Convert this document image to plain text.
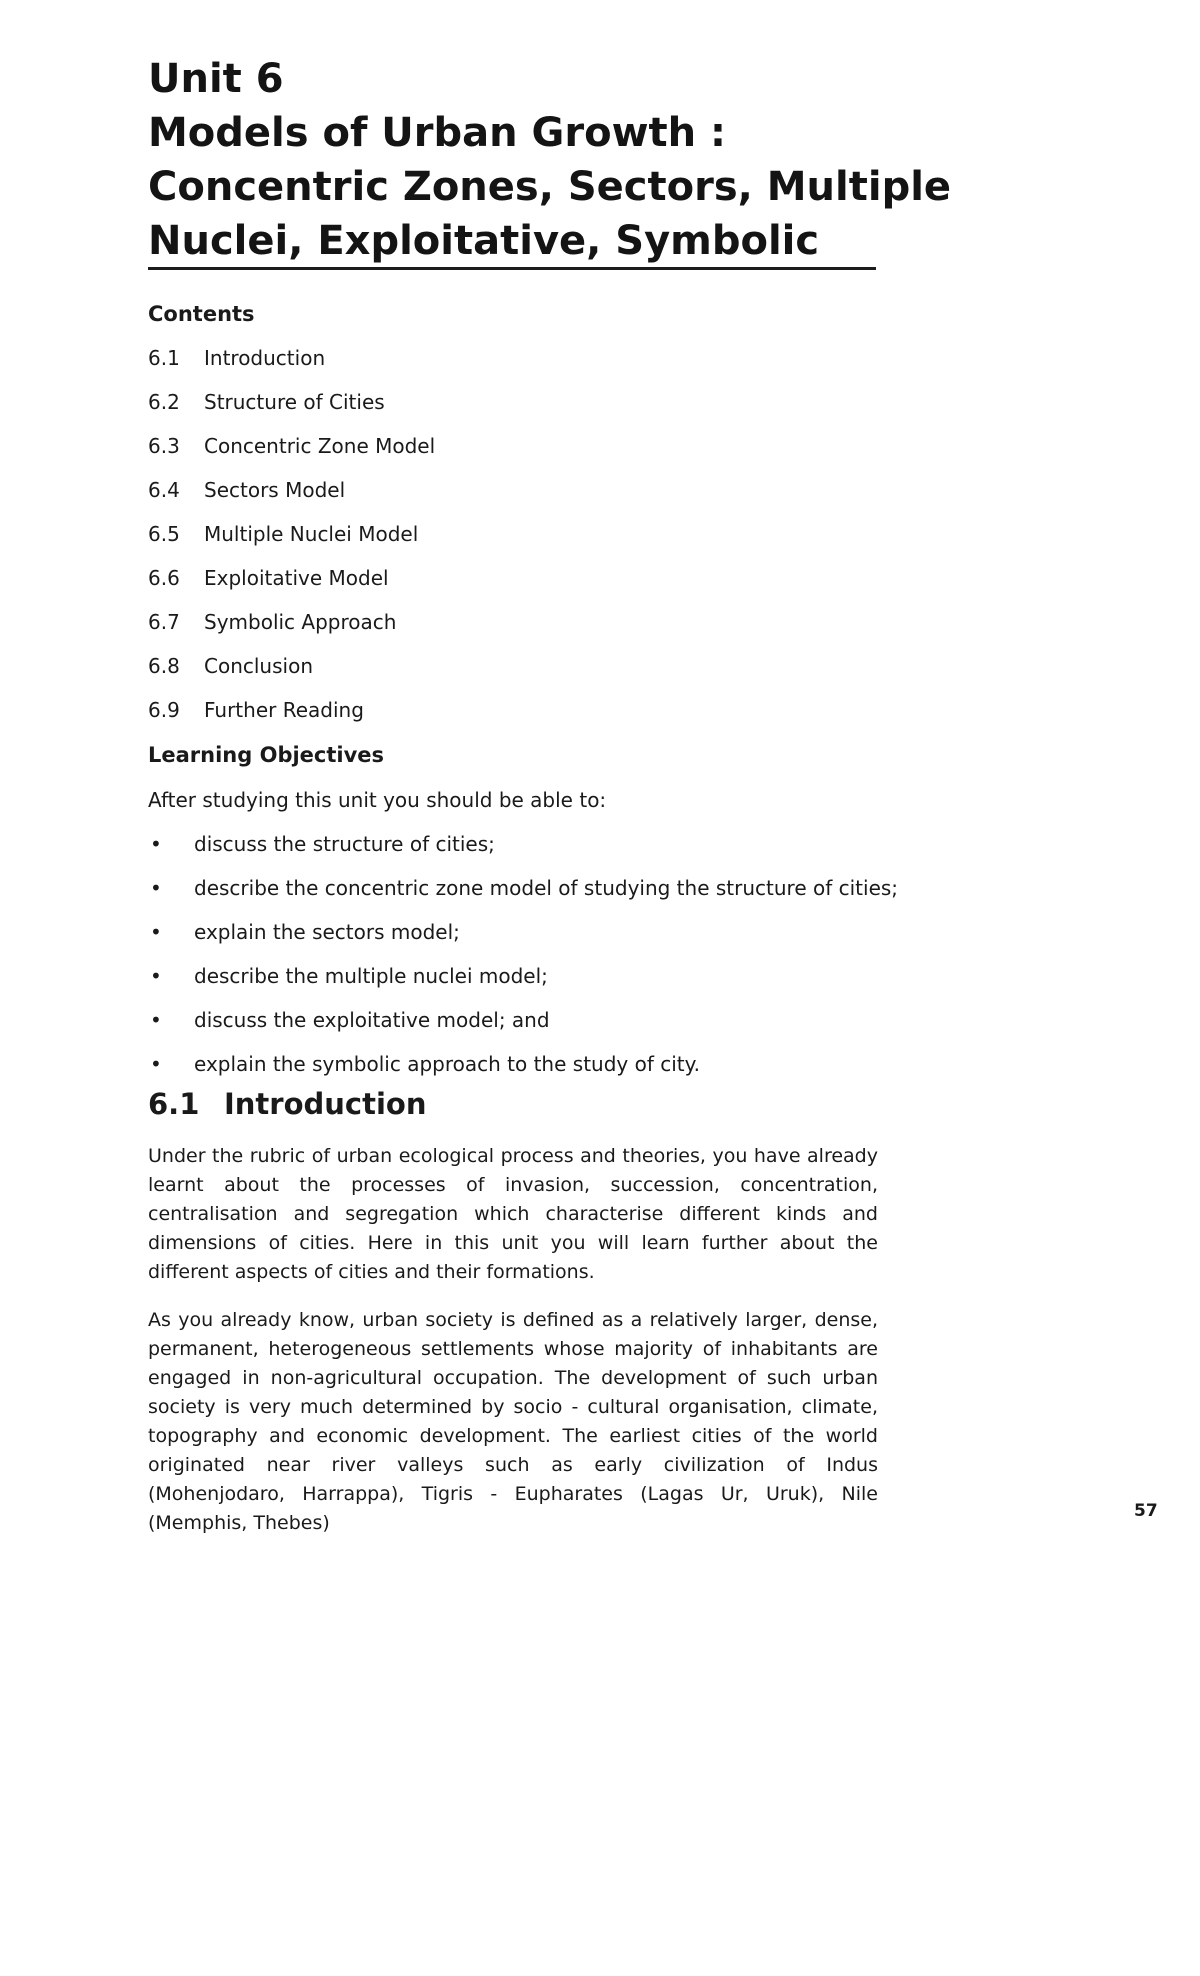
Unit 6
Models of Urban Growth :
Concentric Zones, Sectors, Multiple
Nuclei, Exploitative, Symbolic
Contents
6.1 Introduction
6.2 Structure of Cities
6.3 Concentric Zone Model
6.4 Sectors Model
6.5 Multiple Nuclei Model
6.6 Exploitative Model
6.7 Symbolic Approach
6.8 Conclusion
6.9 Further Reading
Learning Objectives
After studying this unit you should be able to:
• discuss the structure of cities;
• describe the concentric zone model of studying the structure of cities;
• explain the sectors model;
• describe the multiple nuclei model;
• discuss the exploitative model; and
• explain the symbolic approach to the study of city.
6.1 Introduction

Under the rubric of urban ecological process and theories, you have already learnt about the processes of invasion, succession, concentration, centralisation and segregation which characterise different kinds and dimensions of cities. Here in this unit you will learn further about the different aspects of cities and their formations.

As you already know, urban society is defined as a relatively larger, dense, permanent, heterogeneous settlements whose majority of inhabitants are engaged in non-agricultural occupation. The development of such urban society is very much determined by socio - cultural organisation, climate, topography and economic development. The earliest cities of the world originated near river valleys such as early civilization of Indus (Mohenjodaro, Harrappa), Tigris - Eupharates (Lagas Ur, Uruk), Nile (Memphis, Thebes)

57
